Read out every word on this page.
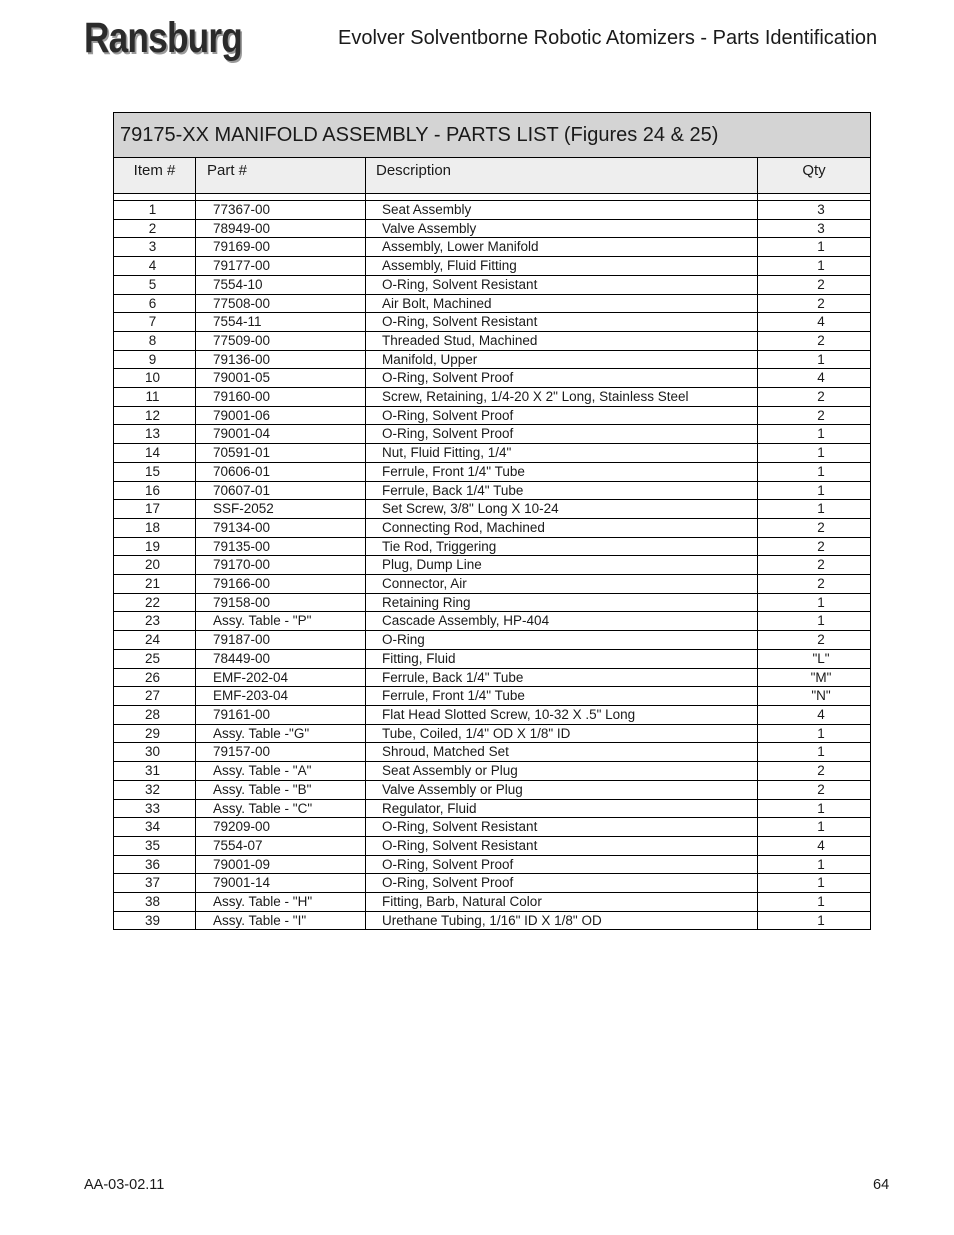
Ransburg	Evolver Solventborne Robotic Atomizers - Parts Identification
79175-XX MANIFOLD ASSEMBLY - PARTS LIST (Figures 24 & 25)			
Item #	Part #	Description	Qty

1	77367-00	Seat Assembly	3
2	78949-00	Valve Assembly	3
3	79169-00	Assembly, Lower Manifold	1
4	79177-00	Assembly, Fluid Fitting	1
5	7554-10	O-Ring, Solvent Resistant	2
6	77508-00	Air Bolt, Machined	2
7	7554-11	O-Ring, Solvent Resistant	4
8	77509-00	Threaded Stud, Machined	2
9	79136-00	Manifold, Upper	1
10	79001-05	O-Ring, Solvent Proof	4
11	79160-00	Screw, Retaining, 1/4-20 X 2" Long, Stainless Steel	2
12	79001-06	O-Ring, Solvent Proof	2
13	79001-04	O-Ring, Solvent Proof	1
14	70591-01	Nut, Fluid Fitting, 1/4"	1
15	70606-01	Ferrule, Front 1/4" Tube	1
16	70607-01	Ferrule, Back 1/4" Tube	1
17	SSF-2052	Set Screw, 3/8" Long X 10-24	1
18	79134-00	Connecting Rod, Machined	2
19	79135-00	Tie Rod, Triggering	2
20	79170-00	Plug, Dump Line	2
21	79166-00	Connector, Air	2
22	79158-00	Retaining Ring	1
23	Assy. Table - "P"	Cascade Assembly, HP-404	1
24	79187-00	O-Ring	2
25	78449-00	Fitting, Fluid	"L"
26	EMF-202-04	Ferrule, Back 1/4" Tube	"M"
27	EMF-203-04	Ferrule, Front 1/4" Tube	"N"
28	79161-00	Flat Head Slotted Screw, 10-32 X .5" Long	4
29	Assy. Table -"G"	Tube, Coiled, 1/4" OD X 1/8" ID	1
30	79157-00	Shroud, Matched Set	1
31	Assy. Table - "A"	Seat Assembly or Plug	2
32	Assy. Table - "B"	Valve Assembly or Plug	2
33	Assy. Table - "C"	Regulator, Fluid	1
34	79209-00	O-Ring, Solvent Resistant	1
35	7554-07	O-Ring, Solvent Resistant	4
36	79001-09	O-Ring, Solvent Proof	1
37	79001-14	O-Ring, Solvent Proof	1
38	Assy. Table - "H"	Fitting, Barb, Natural Color	1
39	Assy. Table - "I"	Urethane Tubing, 1/16" ID X 1/8" OD	1
AA-03-02.11	64
